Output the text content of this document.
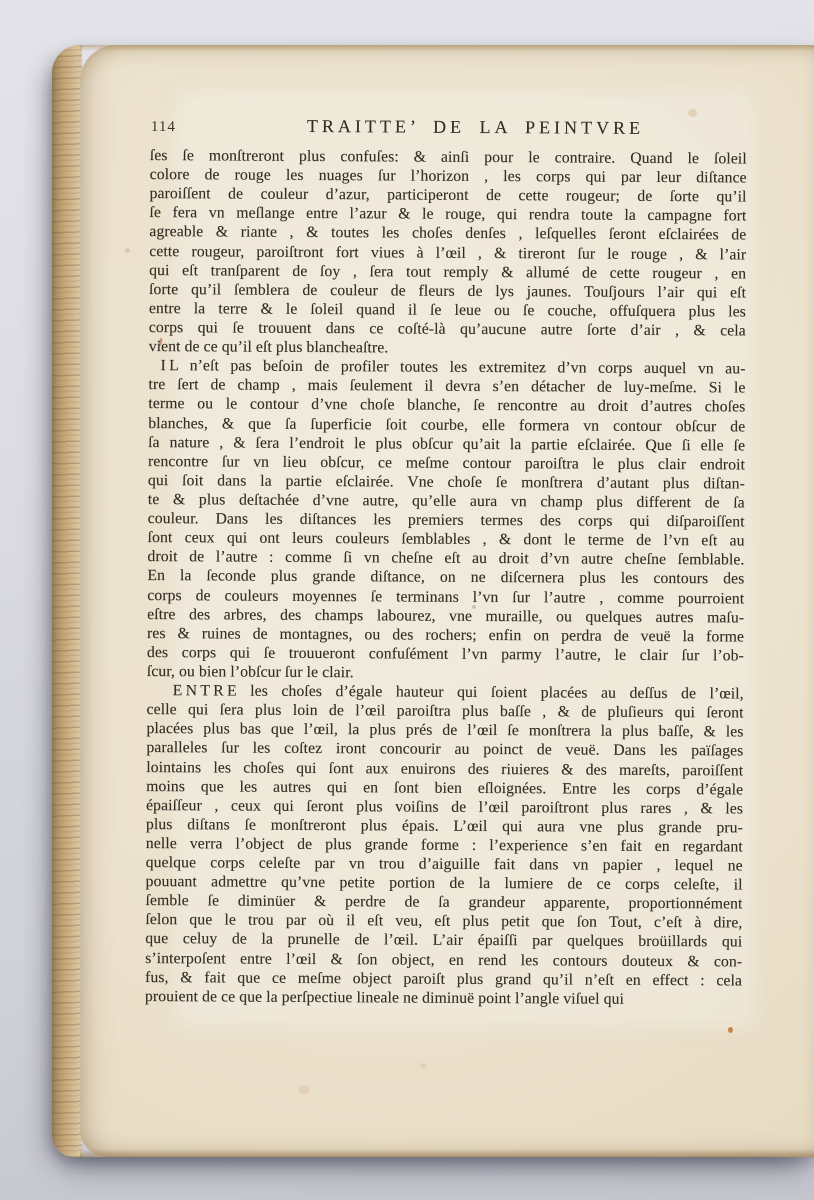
114	TRAITTE’ DE LA PEINTVRE
ſes ſe monſtreront plus confuſes: & ainſi pour le contraire. Quand le ſoleil
colore de rouge les nuages ſur l’horizon , les corps qui par leur diſtance
paroiſſent de couleur d’azur, participeront de cette rougeur; de ſorte qu’il
ſe fera vn meſlange entre l’azur & le rouge, qui rendra toute la campagne fort
agreable & riante , & toutes les choſes denſes , leſquelles ſeront eſclairées de
cette rougeur, paroiſtront fort viues à l’œil , & tireront ſur le rouge , & l’air
qui eſt tranſparent de ſoy , ſera tout remply & allumé de cette rougeur , en
ſorte qu’il ſemblera de couleur de fleurs de lys jaunes. Touſjours l’air qui eſt
entre la terre & le ſoleil quand il ſe leue ou ſe couche, offuſquera plus les
corps qui ſe trouuent dans ce coſté-là qu’aucune autre ſorte d’air , & cela
vient de ce qu’il eſt plus blancheaſtre.
I L n’eſt pas beſoin de profiler toutes les extremitez d’vn corps auquel vn au-
tre ſert de champ , mais ſeulement il devra s’en détacher de luy-meſme. Si le
terme ou le contour d’vne choſe blanche, ſe rencontre au droit d’autres choſes
blanches, & que ſa ſuperficie ſoit courbe, elle formera vn contour obſcur de
ſa nature , & ſera l’endroit le plus obſcur qu’ait la partie eſclairée. Que ſi elle ſe
rencontre ſur vn lieu obſcur, ce meſme contour paroiſtra le plus clair endroit
qui ſoit dans la partie eſclairée. Vne choſe ſe monſtrera d’autant plus diſtan-
te & plus deſtachée d’vne autre, qu’elle aura vn champ plus different de ſa
couleur. Dans les diſtances les premiers termes des corps qui diſparoiſſent
ſont ceux qui ont leurs couleurs ſemblables , & dont le terme de l’vn eſt au
droit de l’autre : comme ſi vn cheſne eſt au droit d’vn autre cheſne ſemblable.
En la ſeconde plus grande diſtance, on ne diſcernera plus les contours des
corps de couleurs moyennes ſe terminans l’vn ſur l’autre , comme pourroient
eſtre des arbres, des champs labourez, vne muraille, ou quelques autres maſu-
res & ruines de montagnes, ou des rochers; enfin on perdra de veuë la forme
des corps qui ſe trouueront confuſément l’vn parmy l’autre, le clair ſur l’ob-
ſcur, ou bien l’obſcur ſur le clair.
E N T R E les choſes d’égale hauteur qui ſoient placées au deſſus de l’œil,
celle qui ſera plus loin de l’œil paroiſtra plus baſſe , & de pluſieurs qui ſeront
placées plus bas que l’œil, la plus prés de l’œil ſe monſtrera la plus baſſe, & les
paralleles ſur les coſtez iront concourir au poinct de veuë. Dans les païſages
lointains les choſes qui ſont aux enuirons des riuieres & des mareſts, paroiſſent
moins que les autres qui en ſont bien eſloignées. Entre les corps d’égale
épaiſſeur , ceux qui ſeront plus voiſins de l’œil paroiſtront plus rares , & les
plus diſtans ſe monſtreront plus épais. L’œil qui aura vne plus grande pru-
nelle verra l’object de plus grande forme : l’experience s’en fait en regardant
quelque corps celeſte par vn trou d’aiguille fait dans vn papier , lequel ne
pouuant admettre qu’vne petite portion de la lumiere de ce corps celeſte, il
ſemble ſe diminüer & perdre de ſa grandeur apparente, proportionnément
ſelon que le trou par où il eſt veu, eſt plus petit que ſon Tout, c’eſt à dire,
que celuy de la prunelle de l’œil. L’air épaiſſi par quelques broüillards qui
s’interpoſent entre l’œil & ſon object, en rend les contours douteux & con-
fus, & fait que ce meſme object paroiſt plus grand qu’il n’eſt en effect : cela
prouient de ce que la perſpectiue lineale ne diminuë point l’angle viſuel qui
